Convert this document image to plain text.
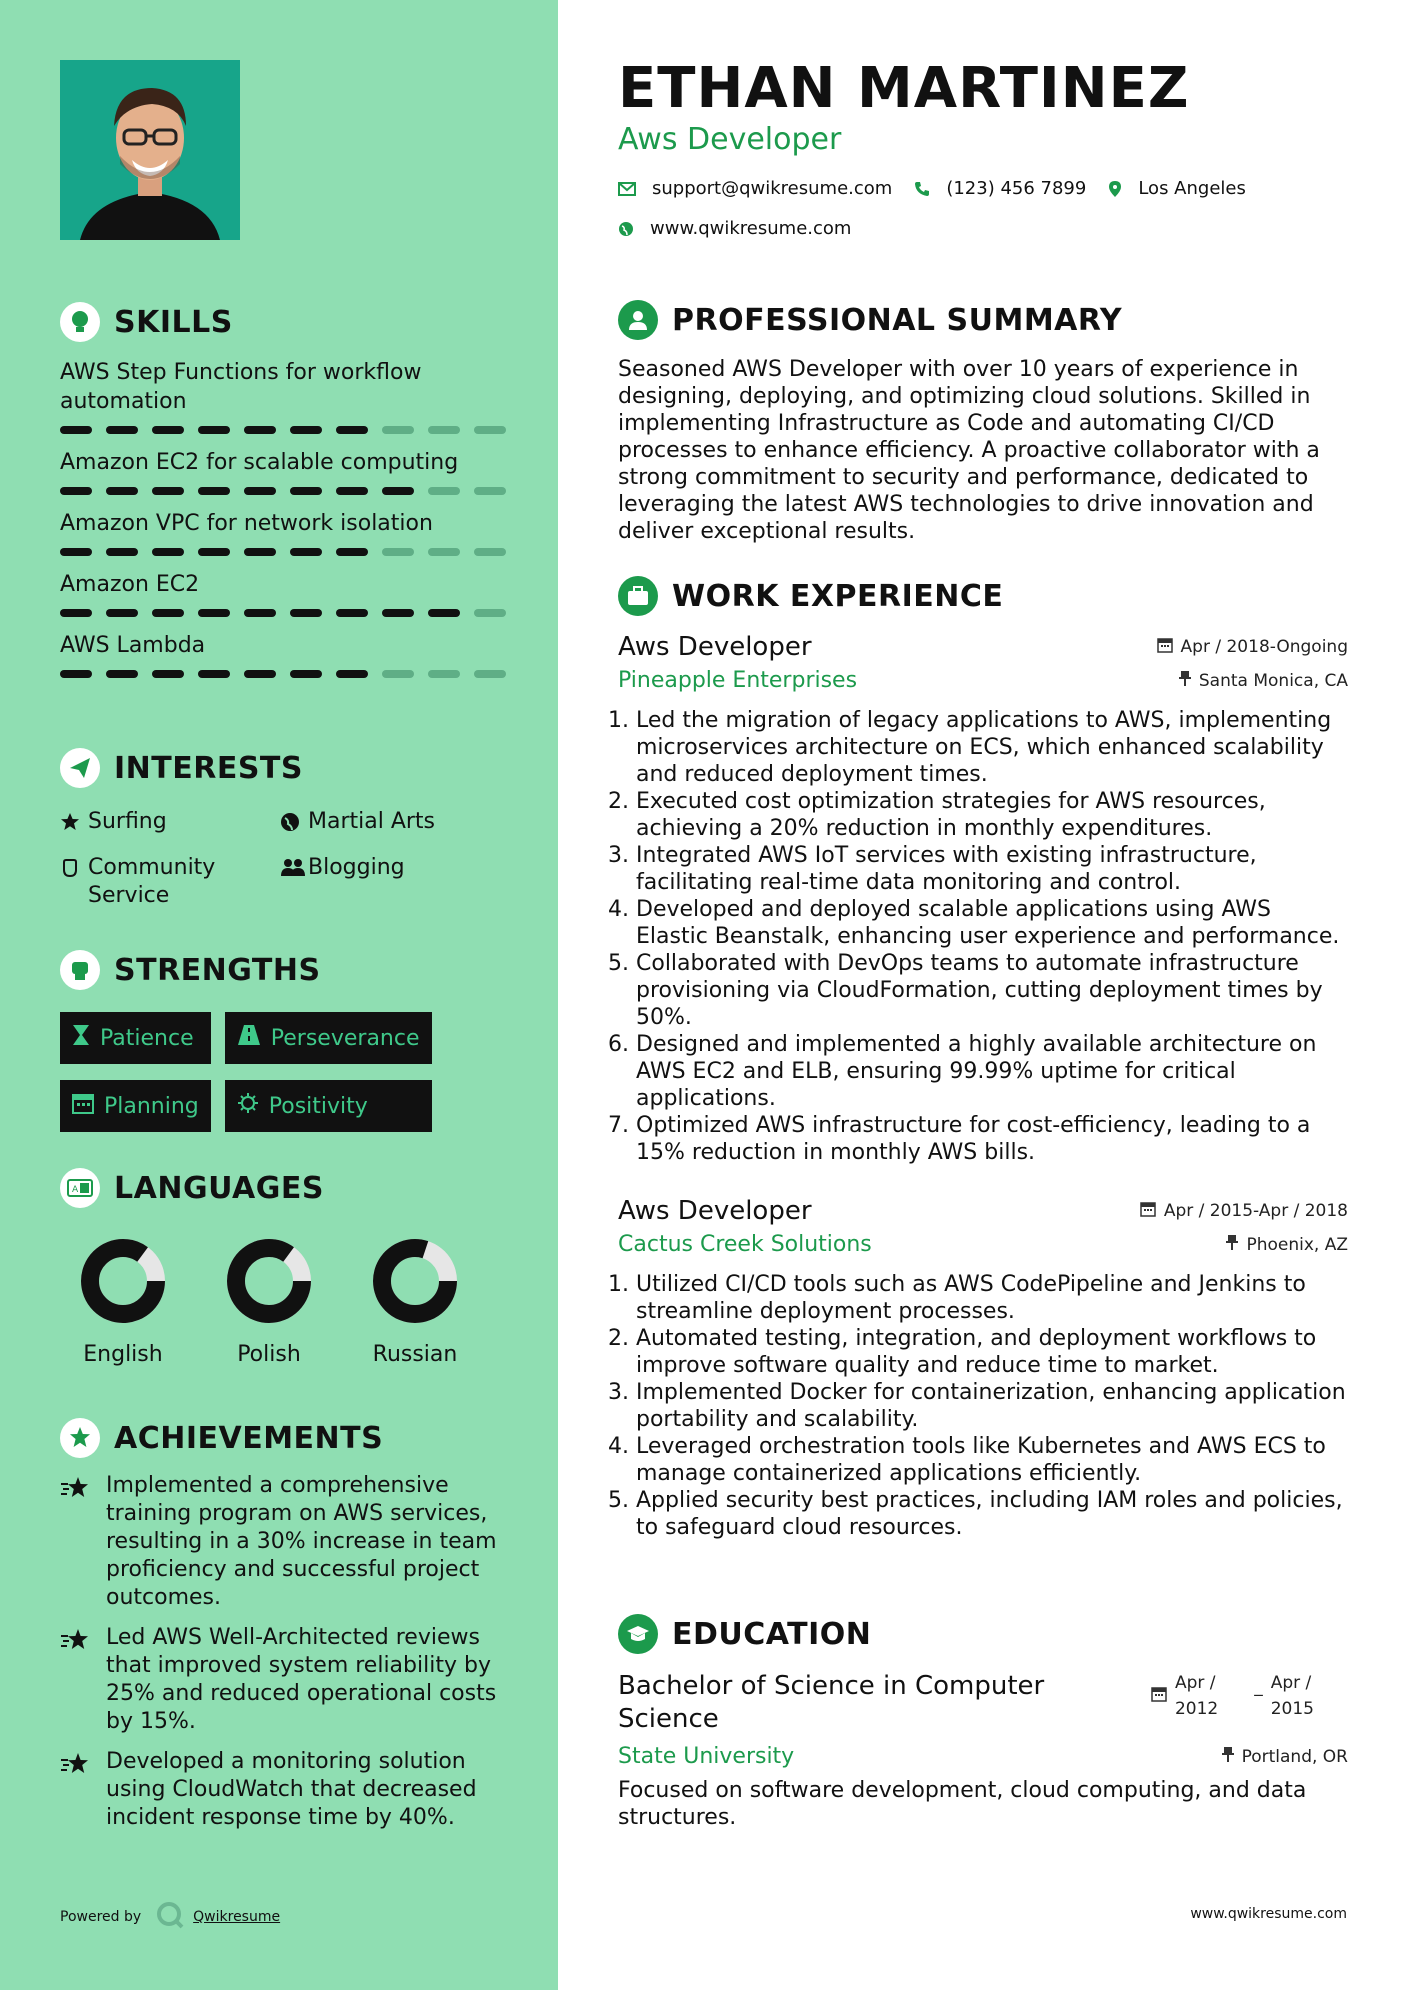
SKILLS
AWS Step Functions for workflow automation
Amazon EC2 for scalable computing
Amazon VPC for network isolation
Amazon EC2
AWS Lambda
INTERESTS
Surfing	Martial Arts
Community Service
Blogging
STRENGTHS
Patience	Perseverance
Planning	Positivity
A LANGUAGES
English	Polish	Russian
ACHIEVEMENTS
Implemented a comprehensive training program on AWS services, resulting in a 30% increase in team proficiency and successful project outcomes.
Led AWS Well-Architected reviews that improved system reliability by 25% and reduced operational costs by 15%.
Developed a monitoring solution using CloudWatch that decreased incident response time by 40%.
Powered by	Qwikresume
ETHAN MARTINEZ
Aws Developer
support@qwikresume.com	(123) 456 7899	Los Angeles
www.qwikresume.com
PROFESSIONAL SUMMARY
Seasoned AWS Developer with over 10 years of experience in designing, deploying, and optimizing cloud solutions. Skilled in implementing Infrastructure as Code and automating CI/CD processes to enhance efficiency. A proactive collaborator with a strong commitment to security and performance, dedicated to leveraging the latest AWS technologies to drive innovation and deliver exceptional results.
WORK EXPERIENCE
Aws Developer	Apr / 2018-Ongoing
Pineapple Enterprises	Santa Monica, CA
1. Led the migration of legacy applications to AWS, implementing microservices architecture on ECS, which enhanced scalability and reduced deployment times.
2. Executed cost optimization strategies for AWS resources, achieving a 20% reduction in monthly expenditures.
3. Integrated AWS IoT services with existing infrastructure, facilitating real-time data monitoring and control.
4. Developed and deployed scalable applications using AWS Elastic Beanstalk, enhancing user experience and performance.
5. Collaborated with DevOps teams to automate infrastructure provisioning via CloudFormation, cutting deployment times by 50%.
6. Designed and implemented a highly available architecture on AWS EC2 and ELB, ensuring 99.99% uptime for critical applications.
7. Optimized AWS infrastructure for cost-efficiency, leading to a 15% reduction in monthly AWS bills.
Aws Developer	Apr / 2015-Apr / 2018
Cactus Creek Solutions	Phoenix, AZ
1. Utilized CI/CD tools such as AWS CodePipeline and Jenkins to streamline deployment processes.
2. Automated testing, integration, and deployment workflows to improve software quality and reduce time to market.
3. Implemented Docker for containerization, enhancing application portability and scalability.
4. Leveraged orchestration tools like Kubernetes and AWS ECS to manage containerized applications efficiently.
5. Applied security best practices, including IAM roles and policies, to safeguard cloud resources.
EDUCATION
Bachelor of Science in Computer Science
Apr /
2012
_ Apr /
2015
State University	Portland, OR
Focused on software development, cloud computing, and data structures.
www.qwikresume.com
